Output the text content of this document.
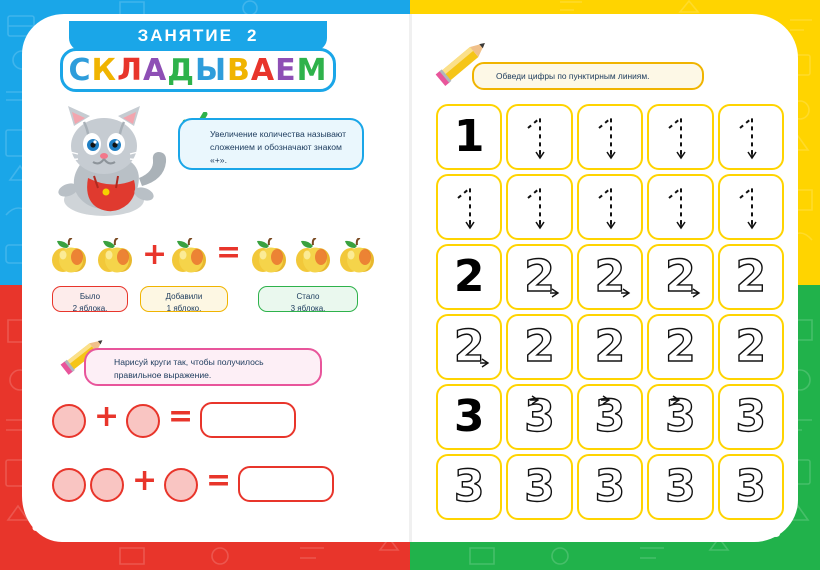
ЗАНЯТИЕ 2
СКЛАДЫВАЕМ
Увеличение количества называют сложением и обозначают знаком «+».
+ =
Было
2 яблока.
Добавили
1 яблоко.
Стало
3 яблока.
Нарисуй круги так, чтобы получилось правильное выражение.
+ =
+ =
8
Обведи цифры по пунктирным линиям.
1
2 2 2 2 2
2 2 2 2 2
3 3 3 3 3
3 3 3 3 3
9
